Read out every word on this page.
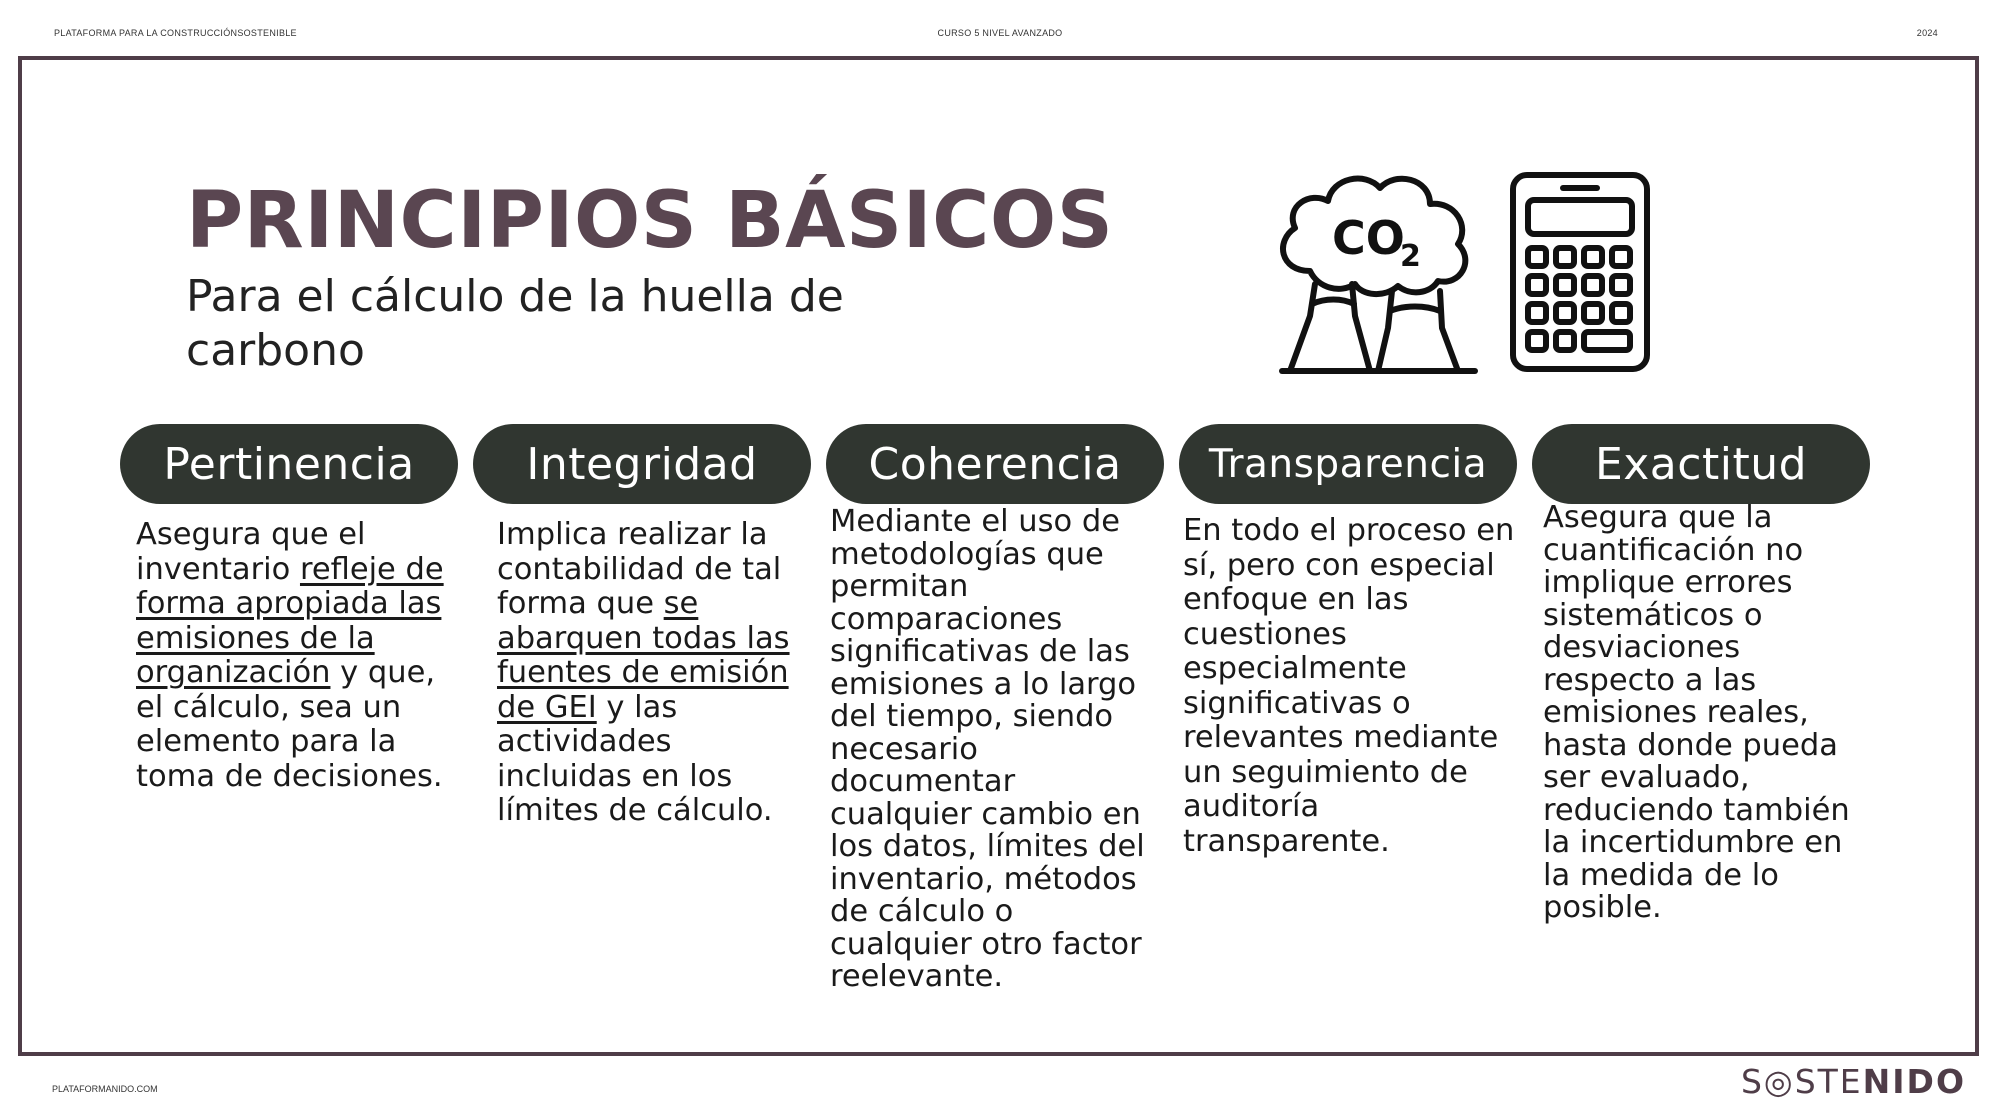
PLATAFORMA PARA LA CONSTRUCCIÓNSOSTENIBLE	CURSO 5 NIVEL AVANZADO	2024
PRINCIPIOS BÁSICOS
Para el cálculo de la huella de carbono
CO
2
Pertinencia	Integridad	Coherencia	Transparencia	Exactitud
Asegura que el inventario refleje de forma apropiada las emisiones de la organización y que, el cálculo, sea un elemento para la toma de decisiones.
Implica realizar la contabilidad de tal forma que se abarquen todas las fuentes de emisión de GEI y las actividades incluidas en los límites de cálculo.
Mediante el uso de metodologías que permitan comparaciones significativas de las emisiones a lo largo del tiempo, siendo necesario documentar cualquier cambio en los datos, límites del inventario, métodos de cálculo o cualquier otro factor reelevante.
En todo el proceso en sí, pero con especial enfoque en las cuestiones especialmente significativas o relevantes mediante un seguimiento de auditoría transparente.
Asegura que la cuantificación no implique errores sistemáticos o desviaciones respecto a las emisiones reales, hasta donde pueda ser evaluado, reduciendo también la incertidumbre en la medida de lo posible.
PLATAFORMANIDO.COM	S◎STENIDO
